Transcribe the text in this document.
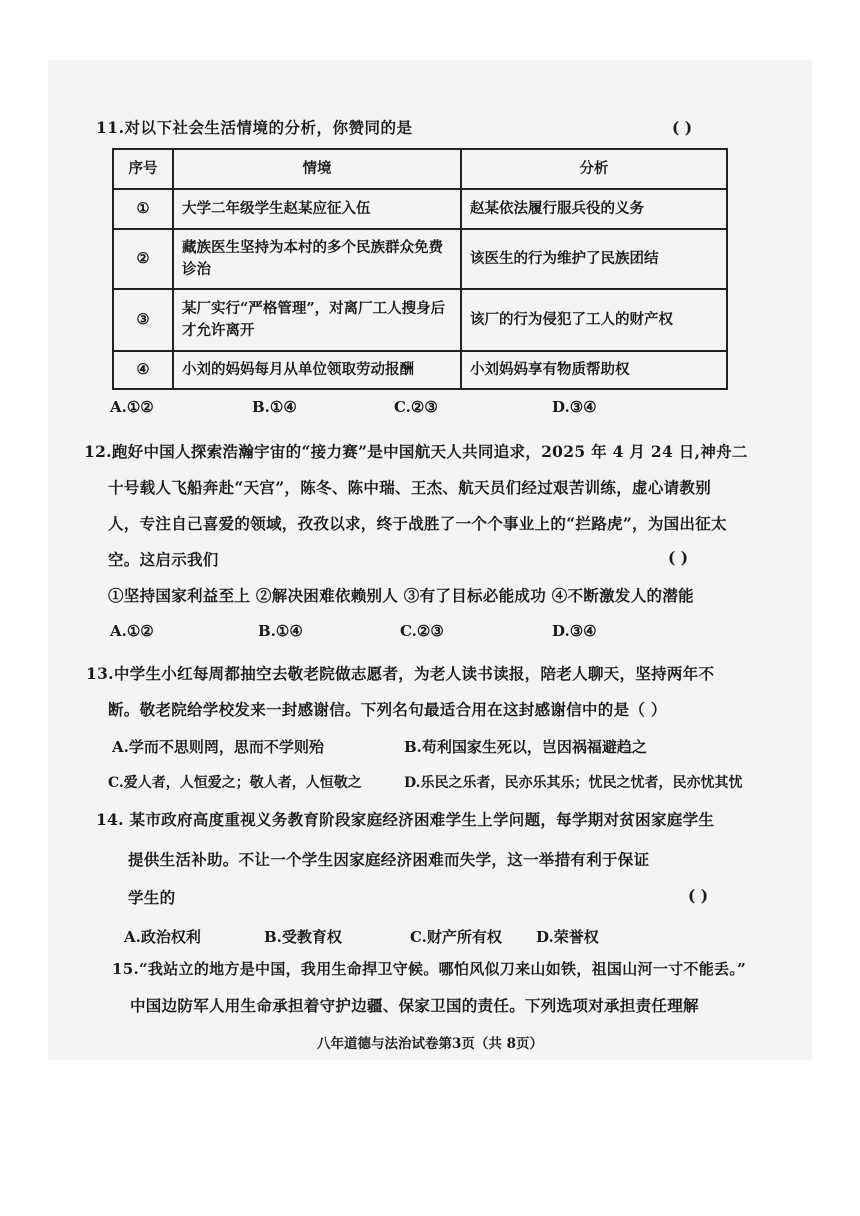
11.对以下社会生活情境的分析，你赞同的是	( )
序号	情境	分析
①	大学二年级学生赵某应征入伍	赵某依法履行服兵役的义务
②	藏族医生坚持为本村的多个民族群众免费诊治	该医生的行为维护了民族团结
③	某厂实行“严格管理”，对离厂工人搜身后才允许离开	该厂的行为侵犯了工人的财产权
④	小刘的妈妈每月从单位领取劳动报酬	小刘妈妈享有物质帮助权
A.①②	B.①④	C.②③	D.③④
12.跑好中国人探索浩瀚宇宙的“接力赛”是中国航天人共同追求，2025 年 4 月 24 日,神舟二
十号载人飞船奔赴“天宫”，陈冬、陈中瑞、王杰、航天员们经过艰苦训练，虚心请教别
人，专注自己喜爱的领域，孜孜以求，终于战胜了一个个事业上的“拦路虎”，为国出征太
空。这启示我们	( )
①坚持国家利益至上 ②解决困难依赖别人 ③有了目标必能成功 ④不断激发人的潜能
A.①②	B.①④	C.②③	D.③④
13.中学生小红每周都抽空去敬老院做志愿者，为老人读书读报，陪老人聊天，坚持两年不
断。敬老院给学校发来一封感谢信。下列名句最适合用在这封感谢信中的是（ ）
A.学而不思则罔，思而不学则殆	B.苟利国家生死以，岂因祸福避趋之
C.爱人者，人恒爱之；敬人者，人恒敬之	D.乐民之乐者，民亦乐其乐；忧民之忧者，民亦忧其忧
14. 某市政府高度重视义务教育阶段家庭经济困难学生上学问题，每学期对贫困家庭学生
提供生活补助。不让一个学生因家庭经济困难而失学，这一举措有利于保证
学生的	( )
A.政治权利	B.受教育权	C.财产所有权 D.荣誉权
15.“我站立的地方是中国，我用生命捍卫守候。哪怕风似刀来山如铁，祖国山河一寸不能丢。”
中国边防军人用生命承担着守护边疆、保家卫国的责任。下列选项对承担责任理解
八年道德与法治试卷第3页（共 8页）
